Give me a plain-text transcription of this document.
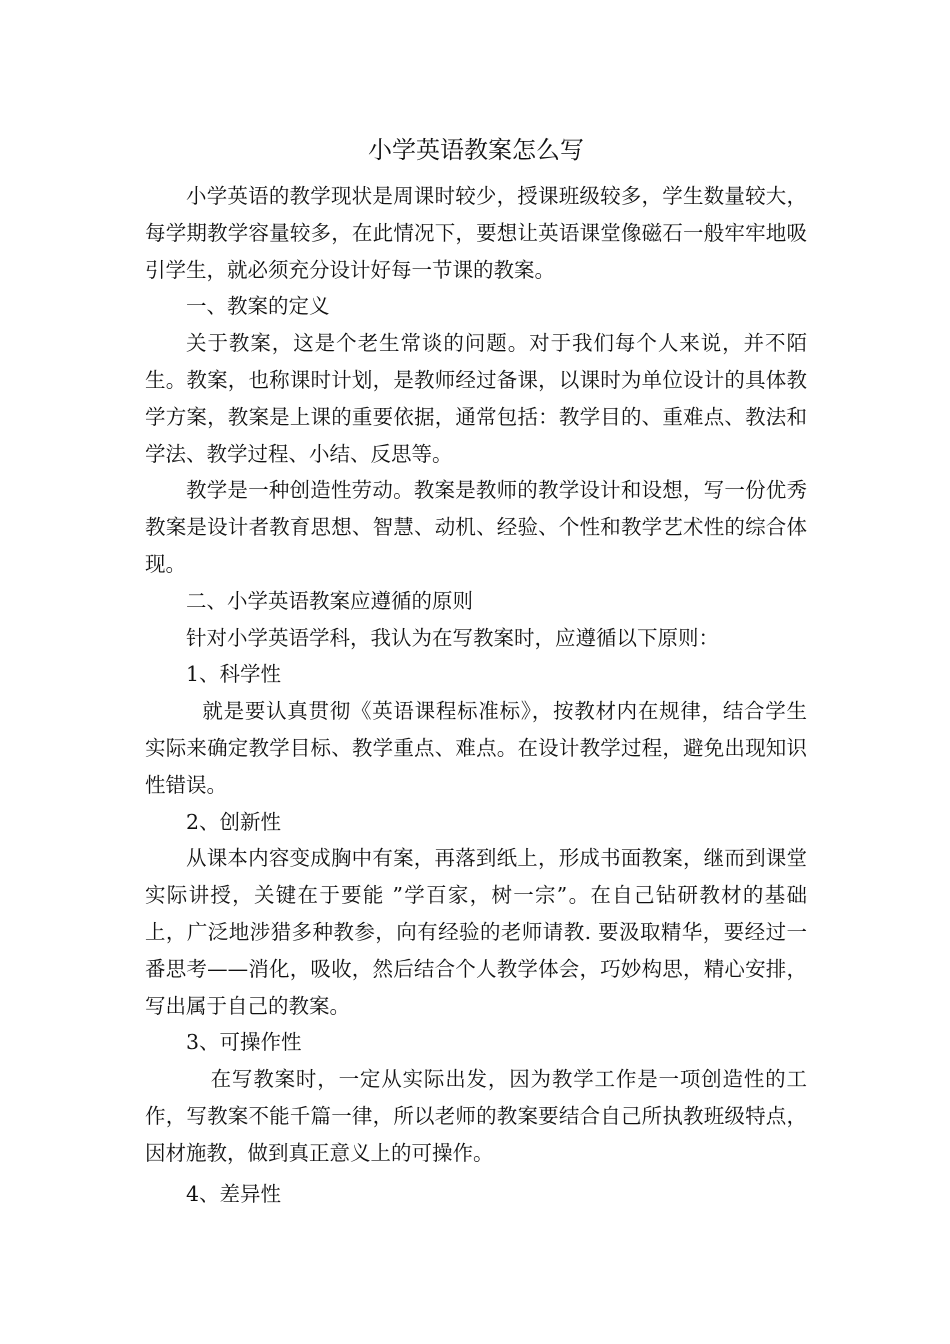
小学英语教案怎么写

小学英语的教学现状是周课时较少，授课班级较多，学生数量较大，每学期教学容量较多，在此情况下，要想让英语课堂像磁石一般牢牢地吸引学生，就必须充分设计好每一节课的教案。

一、教案的定义

关于教案，这是个老生常谈的问题。对于我们每个人来说，并不陌生。教案，也称课时计划，是教师经过备课，以课时为单位设计的具体教学方案，教案是上课的重要依据，通常包括：教学目的、重难点、教法和学法、教学过程、小结、反思等。

教学是一种创造性劳动。教案是教师的教学设计和设想，写一份优秀教案是设计者教育思想、智慧、动机、经验、个性和教学艺术性的综合体现。

二、小学英语教案应遵循的原则

针对小学英语学科，我认为在写教案时，应遵循以下原则：

1、科学性

就是要认真贯彻《英语课程标准标》，按教材内在规律，结合学生实际来确定教学目标、教学重点、难点。在设计教学过程，避免出现知识性错误。

2、创新性

从课本内容变成胸中有案，再落到纸上，形成书面教案，继而到课堂实际讲授，关键在于要能 ”学百家，树一宗”。在自己钻研教材的基础上，广泛地涉猎多种教参，向有经验的老师请教. 要汲取精华，要经过一番思考——消化，吸收，然后结合个人教学体会，巧妙构思，精心安排，写出属于自己的教案。

3、可操作性

在写教案时，一定从实际出发，因为教学工作是一项创造性的工作，写教案不能千篇一律，所以老师的教案要结合自己所执教班级特点，因材施教，做到真正意义上的可操作。

4、差异性
